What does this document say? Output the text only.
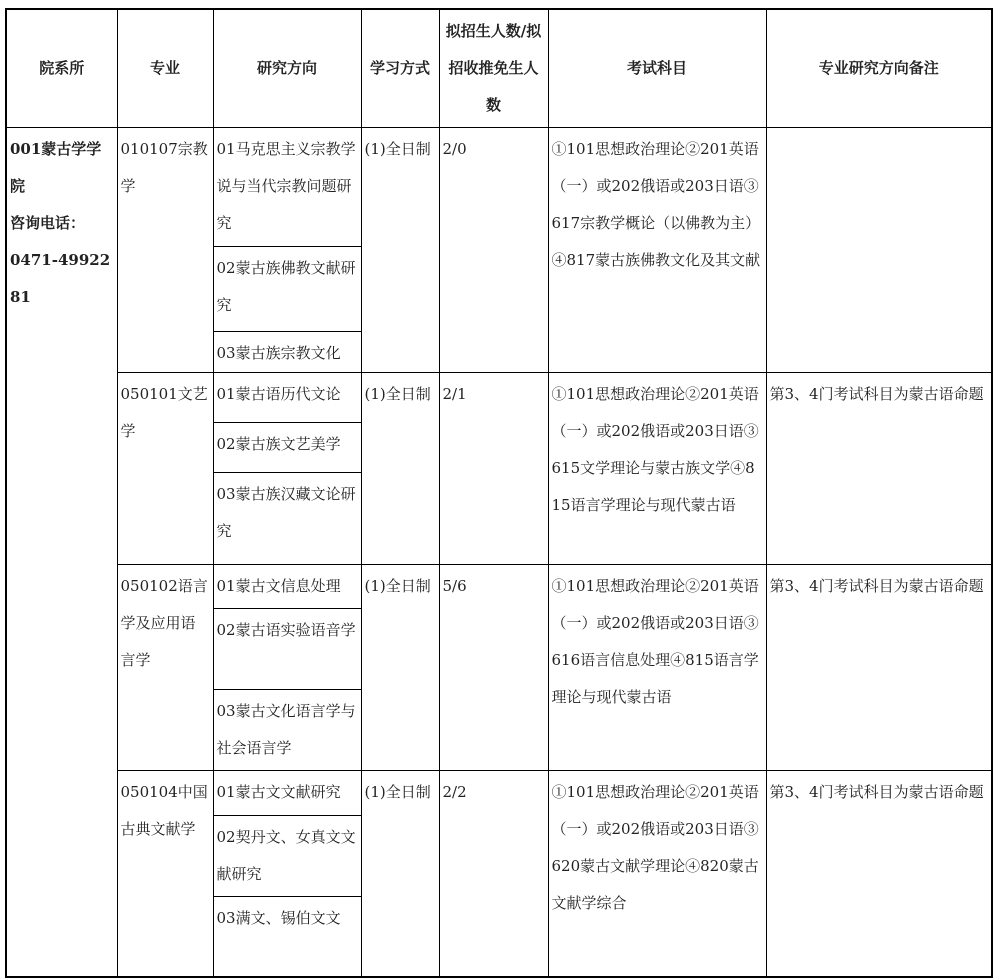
院系所	专业	研究方向	学习方式	拟招生人数/拟招收推免生人数	考试科目	专业研究方向备注
001蒙古学学院
咨询电话：
0471-4992281	010107宗教学	01马克思主义宗教学说与当代宗教问题研究	(1)全日制	2/0	①101思想政治理论②201英语（一）或202俄语或203日语③617宗教学概论（以佛教为主）④817蒙古族佛教文化及其文献	
		02蒙古族佛教文献研究				
		03蒙古族宗教文化				
	050101文艺学	01蒙古语历代文论	(1)全日制	2/1	①101思想政治理论②201英语（一）或202俄语或203日语③615文学理论与蒙古族文学④815语言学理论与现代蒙古语	第3、4门考试科目为蒙古语命题
		02蒙古族文艺美学				
		03蒙古族汉藏文论研究				
	050102语言学及应用语言学	01蒙古文信息处理	(1)全日制	5/6	①101思想政治理论②201英语（一）或202俄语或203日语③616语言信息处理④815语言学理论与现代蒙古语	第3、4门考试科目为蒙古语命题
		02蒙古语实验语音学				
		03蒙古文化语言学与社会语言学				
	050104中国古典文献学	01蒙古文文献研究	(1)全日制	2/2	①101思想政治理论②201英语（一）或202俄语或203日语③620蒙古文献学理论④820蒙古文献学综合	第3、4门考试科目为蒙古语命题
		02契丹文、女真文文献研究				
		03满文、锡伯文文				
